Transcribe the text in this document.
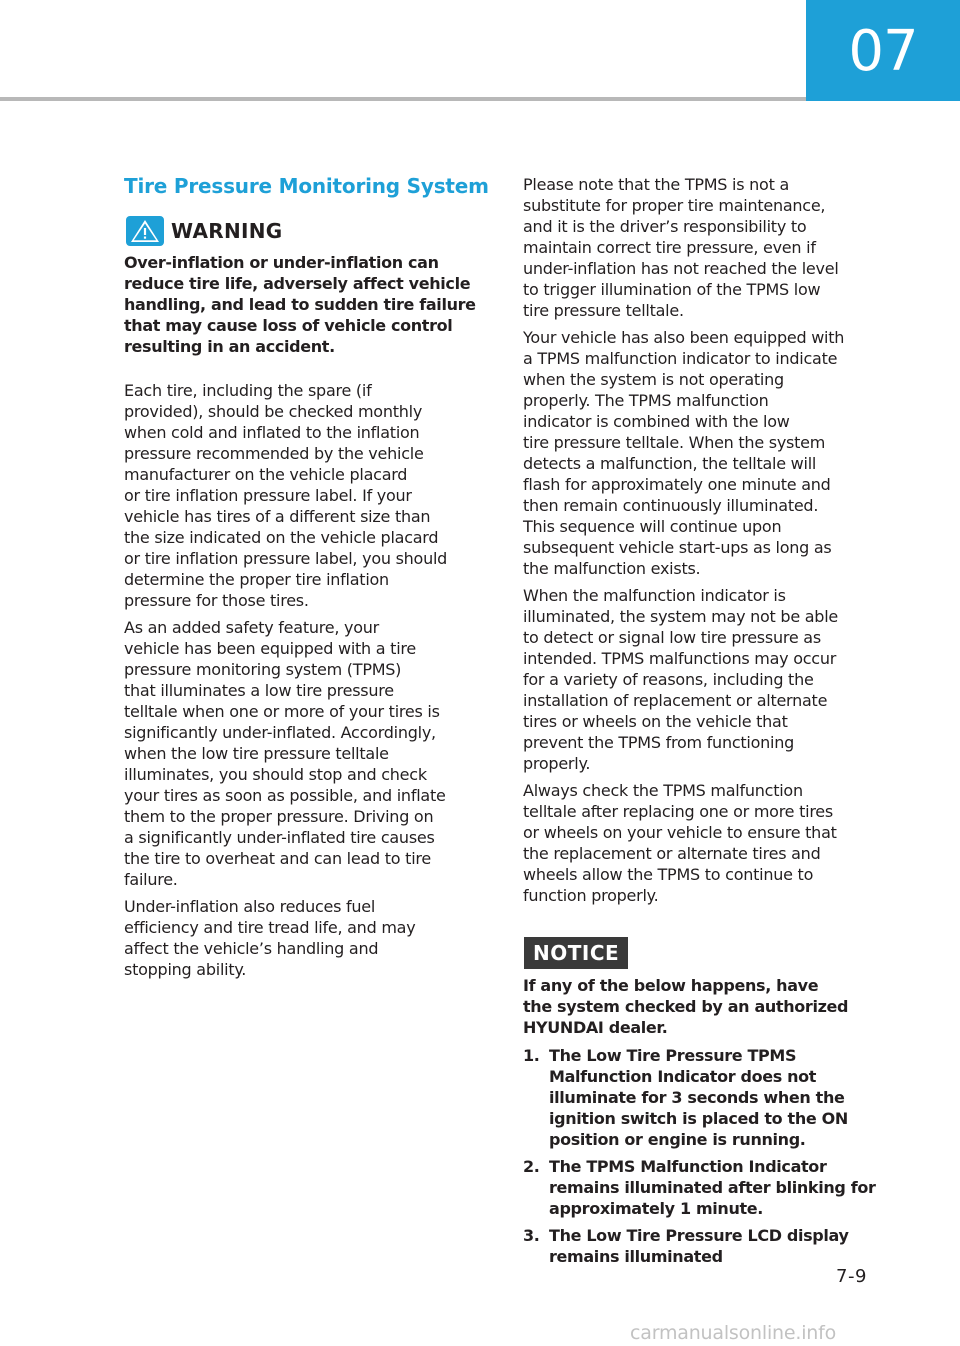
07
Tire Pressure Monitoring System
WARNING

Over-inflation or under-inflation can
reduce tire life, adversely affect vehicle
handling, and lead to sudden tire failure
that may cause loss of vehicle control
resulting in an accident.

Each tire, including the spare (if
provided), should be checked monthly
when cold and inflated to the inflation
pressure recommended by the vehicle
manufacturer on the vehicle placard
or tire inflation pressure label. If your
vehicle has tires of a different size than
the size indicated on the vehicle placard
or tire inflation pressure label, you should
determine the proper tire inflation
pressure for those tires.

As an added safety feature, your
vehicle has been equipped with a tire
pressure monitoring system (TPMS)
that illuminates a low tire pressure
telltale when one or more of your tires is
significantly under-inflated. Accordingly,
when the low tire pressure telltale
illuminates, you should stop and check
your tires as soon as possible, and inflate
them to the proper pressure. Driving on
a significantly under-inflated tire causes
the tire to overheat and can lead to tire
failure.

Under-inflation also reduces fuel
efficiency and tire tread life, and may
affect the vehicle’s handling and
stopping ability.

Please note that the TPMS is not a
substitute for proper tire maintenance,
and it is the driver’s responsibility to
maintain correct tire pressure, even if
under-inflation has not reached the level
to trigger illumination of the TPMS low
tire pressure telltale.

Your vehicle has also been equipped with
a TPMS malfunction indicator to indicate
when the system is not operating
properly. The TPMS malfunction
indicator is combined with the low
tire pressure telltale. When the system
detects a malfunction, the telltale will
flash for approximately one minute and
then remain continuously illuminated.
This sequence will continue upon
subsequent vehicle start-ups as long as
the malfunction exists.

When the malfunction indicator is
illuminated, the system may not be able
to detect or signal low tire pressure as
intended. TPMS malfunctions may occur
for a variety of reasons, including the
installation of replacement or alternate
tires or wheels on the vehicle that
prevent the TPMS from functioning
properly.

Always check the TPMS malfunction
telltale after replacing one or more tires
or wheels on your vehicle to ensure that
the replacement or alternate tires and
wheels allow the TPMS to continue to
function properly.

NOTICE

If any of the below happens, have
the system checked by an authorized
HYUNDAI dealer.

1. The Low Tire Pressure TPMS
Malfunction Indicator does not
illuminate for 3 seconds when the
ignition switch is placed to the ON
position or engine is running.
2. The TPMS Malfunction Indicator
remains illuminated after blinking for
approximately 1 minute.
3. The Low Tire Pressure LCD display
remains illuminated
7-9
carmanualsonline.info
